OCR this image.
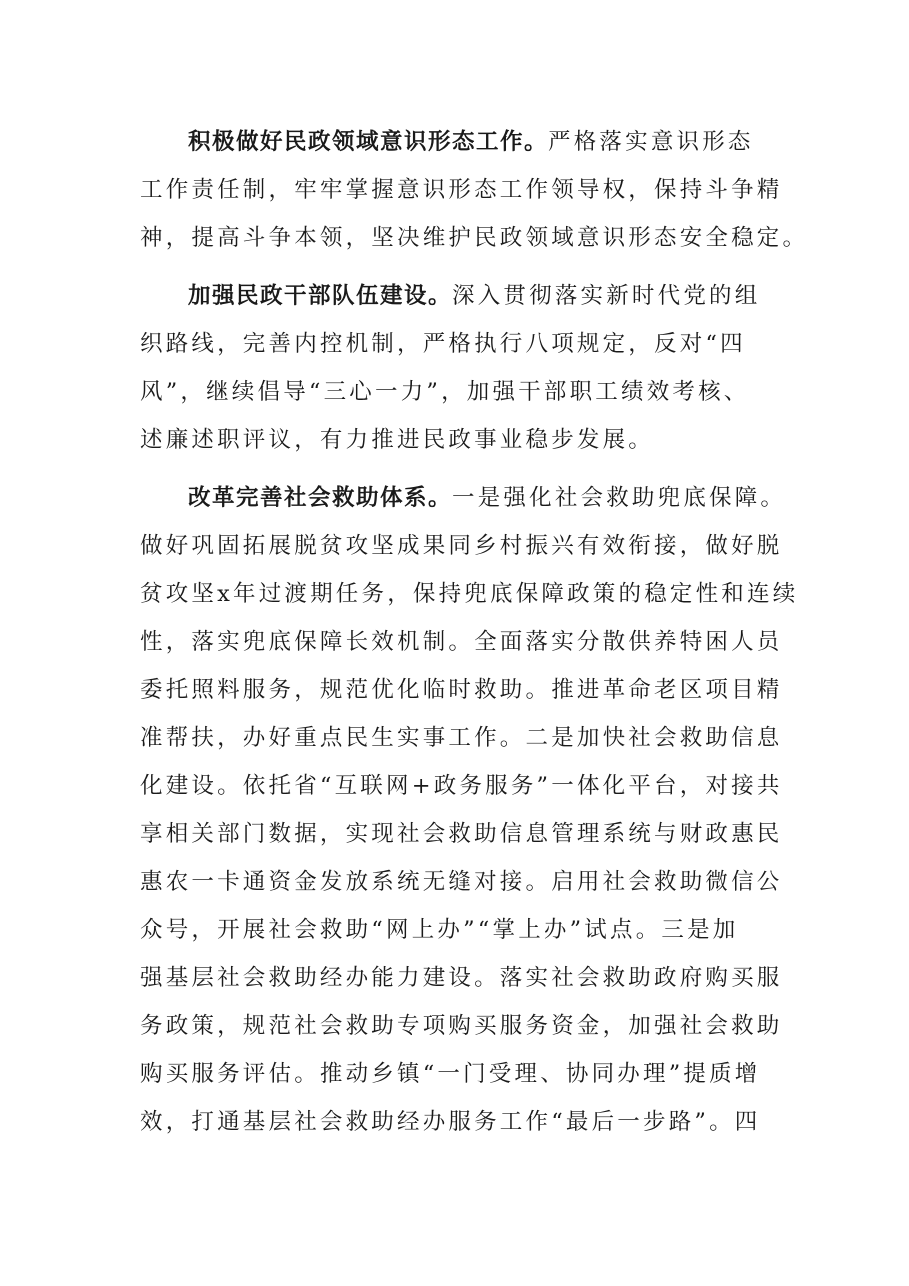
积极做好民政领域意识形态工作。严格落实意识形态
工作责任制，牢牢掌握意识形态工作领导权，保持斗争精
神，提高斗争本领，坚决维护民政领域意识形态安全稳定。
加强民政干部队伍建设。深入贯彻落实新时代党的组
织路线，完善内控机制，严格执行八项规定，反对“四
风”，继续倡导“三心一力”，加强干部职工绩效考核、
述廉述职评议，有力推进民政事业稳步发展。
改革完善社会救助体系。一是强化社会救助兜底保障。
做好巩固拓展脱贫攻坚成果同乡村振兴有效衔接，做好脱
贫攻坚x年过渡期任务，保持兜底保障政策的稳定性和连续
性，落实兜底保障长效机制。全面落实分散供养特困人员
委托照料服务，规范优化临时救助。推进革命老区项目精
准帮扶，办好重点民生实事工作。二是加快社会救助信息
化建设。依托省“互联网+政务服务”一体化平台，对接共
享相关部门数据，实现社会救助信息管理系统与财政惠民
惠农一卡通资金发放系统无缝对接。启用社会救助微信公
众号，开展社会救助“网上办”“掌上办”试点。三是加
强基层社会救助经办能力建设。落实社会救助政府购买服
务政策，规范社会救助专项购买服务资金，加强社会救助
购买服务评估。推动乡镇“一门受理、协同办理”提质增
效，打通基层社会救助经办服务工作“最后一步路”。四
